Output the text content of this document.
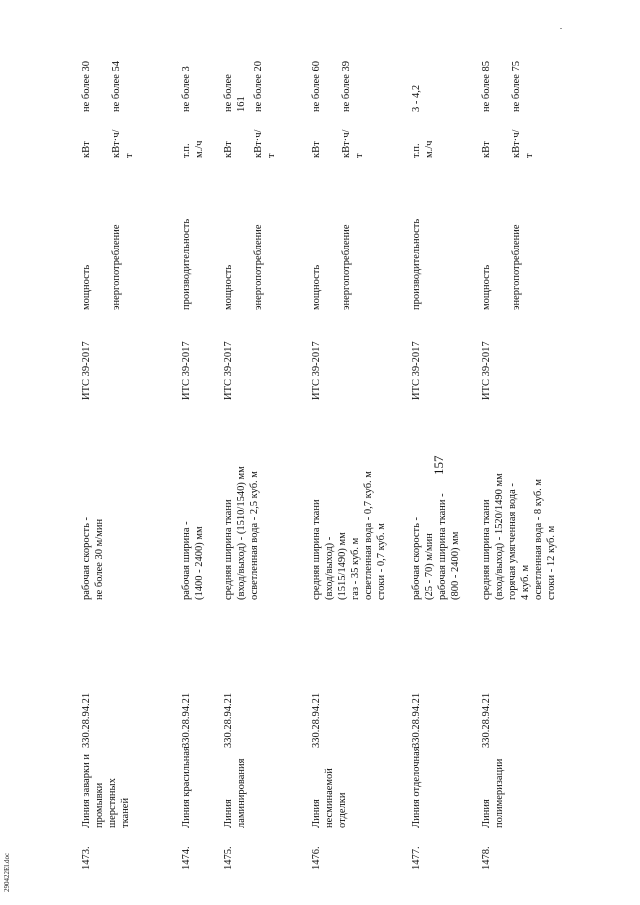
157
1473.
Линия заварки и промывки шерстяных тканей
330.28.94.21
рабочая скорость - не более 30 м/мин
ИТС 39-2017
мощность
кВт
не более 30
энергопотребление
кВт·ч/ т
не более 54
1474.
Линия красильная
330.28.94.21
рабочая ширина - (1400 - 2400) мм
ИТС 39-2017
производительность
т.п. м./ч
не более 3
1475.
Линия ламинирования
330.28.94.21
средняя ширина ткани (вход/выход) - (1510/1540) мм осветленная вода - 2,5 куб. м
ИТС 39-2017
мощность
кВт
не более 161
энергопотребление
кВт·ч/ т
не более 20
1476.
Линия несминаемой отделки
330.28.94.21
средняя ширина ткани (вход/выход) - (1515/1490) мм газ - 35 куб. м осветленная вода - 0,7 куб. м стоки - 0,7 куб. м
ИТС 39-2017
мощность
кВт
не более 60
энергопотребление
кВт·ч/ т
не более 39
1477.
Линия отделочная
330.28.94.21
рабочая скорость - (25 - 70) м/мин рабочая ширина ткани - (800 - 2400) мм
ИТС 39-2017
производительность
т.п. м./ч
3 - 4,2
1478.
Линия полимеризации
330.28.94.21
средняя ширина ткани (вход/выход) - 1520/1490 мм горячая умягченная вода - 4 куб. м осветленная вода - 8 куб. м стоки - 12 куб. м
ИТС 39-2017
мощность
кВт
не более 85
энергопотребление
кВт·ч/ т
не более 75
290422El.doc
